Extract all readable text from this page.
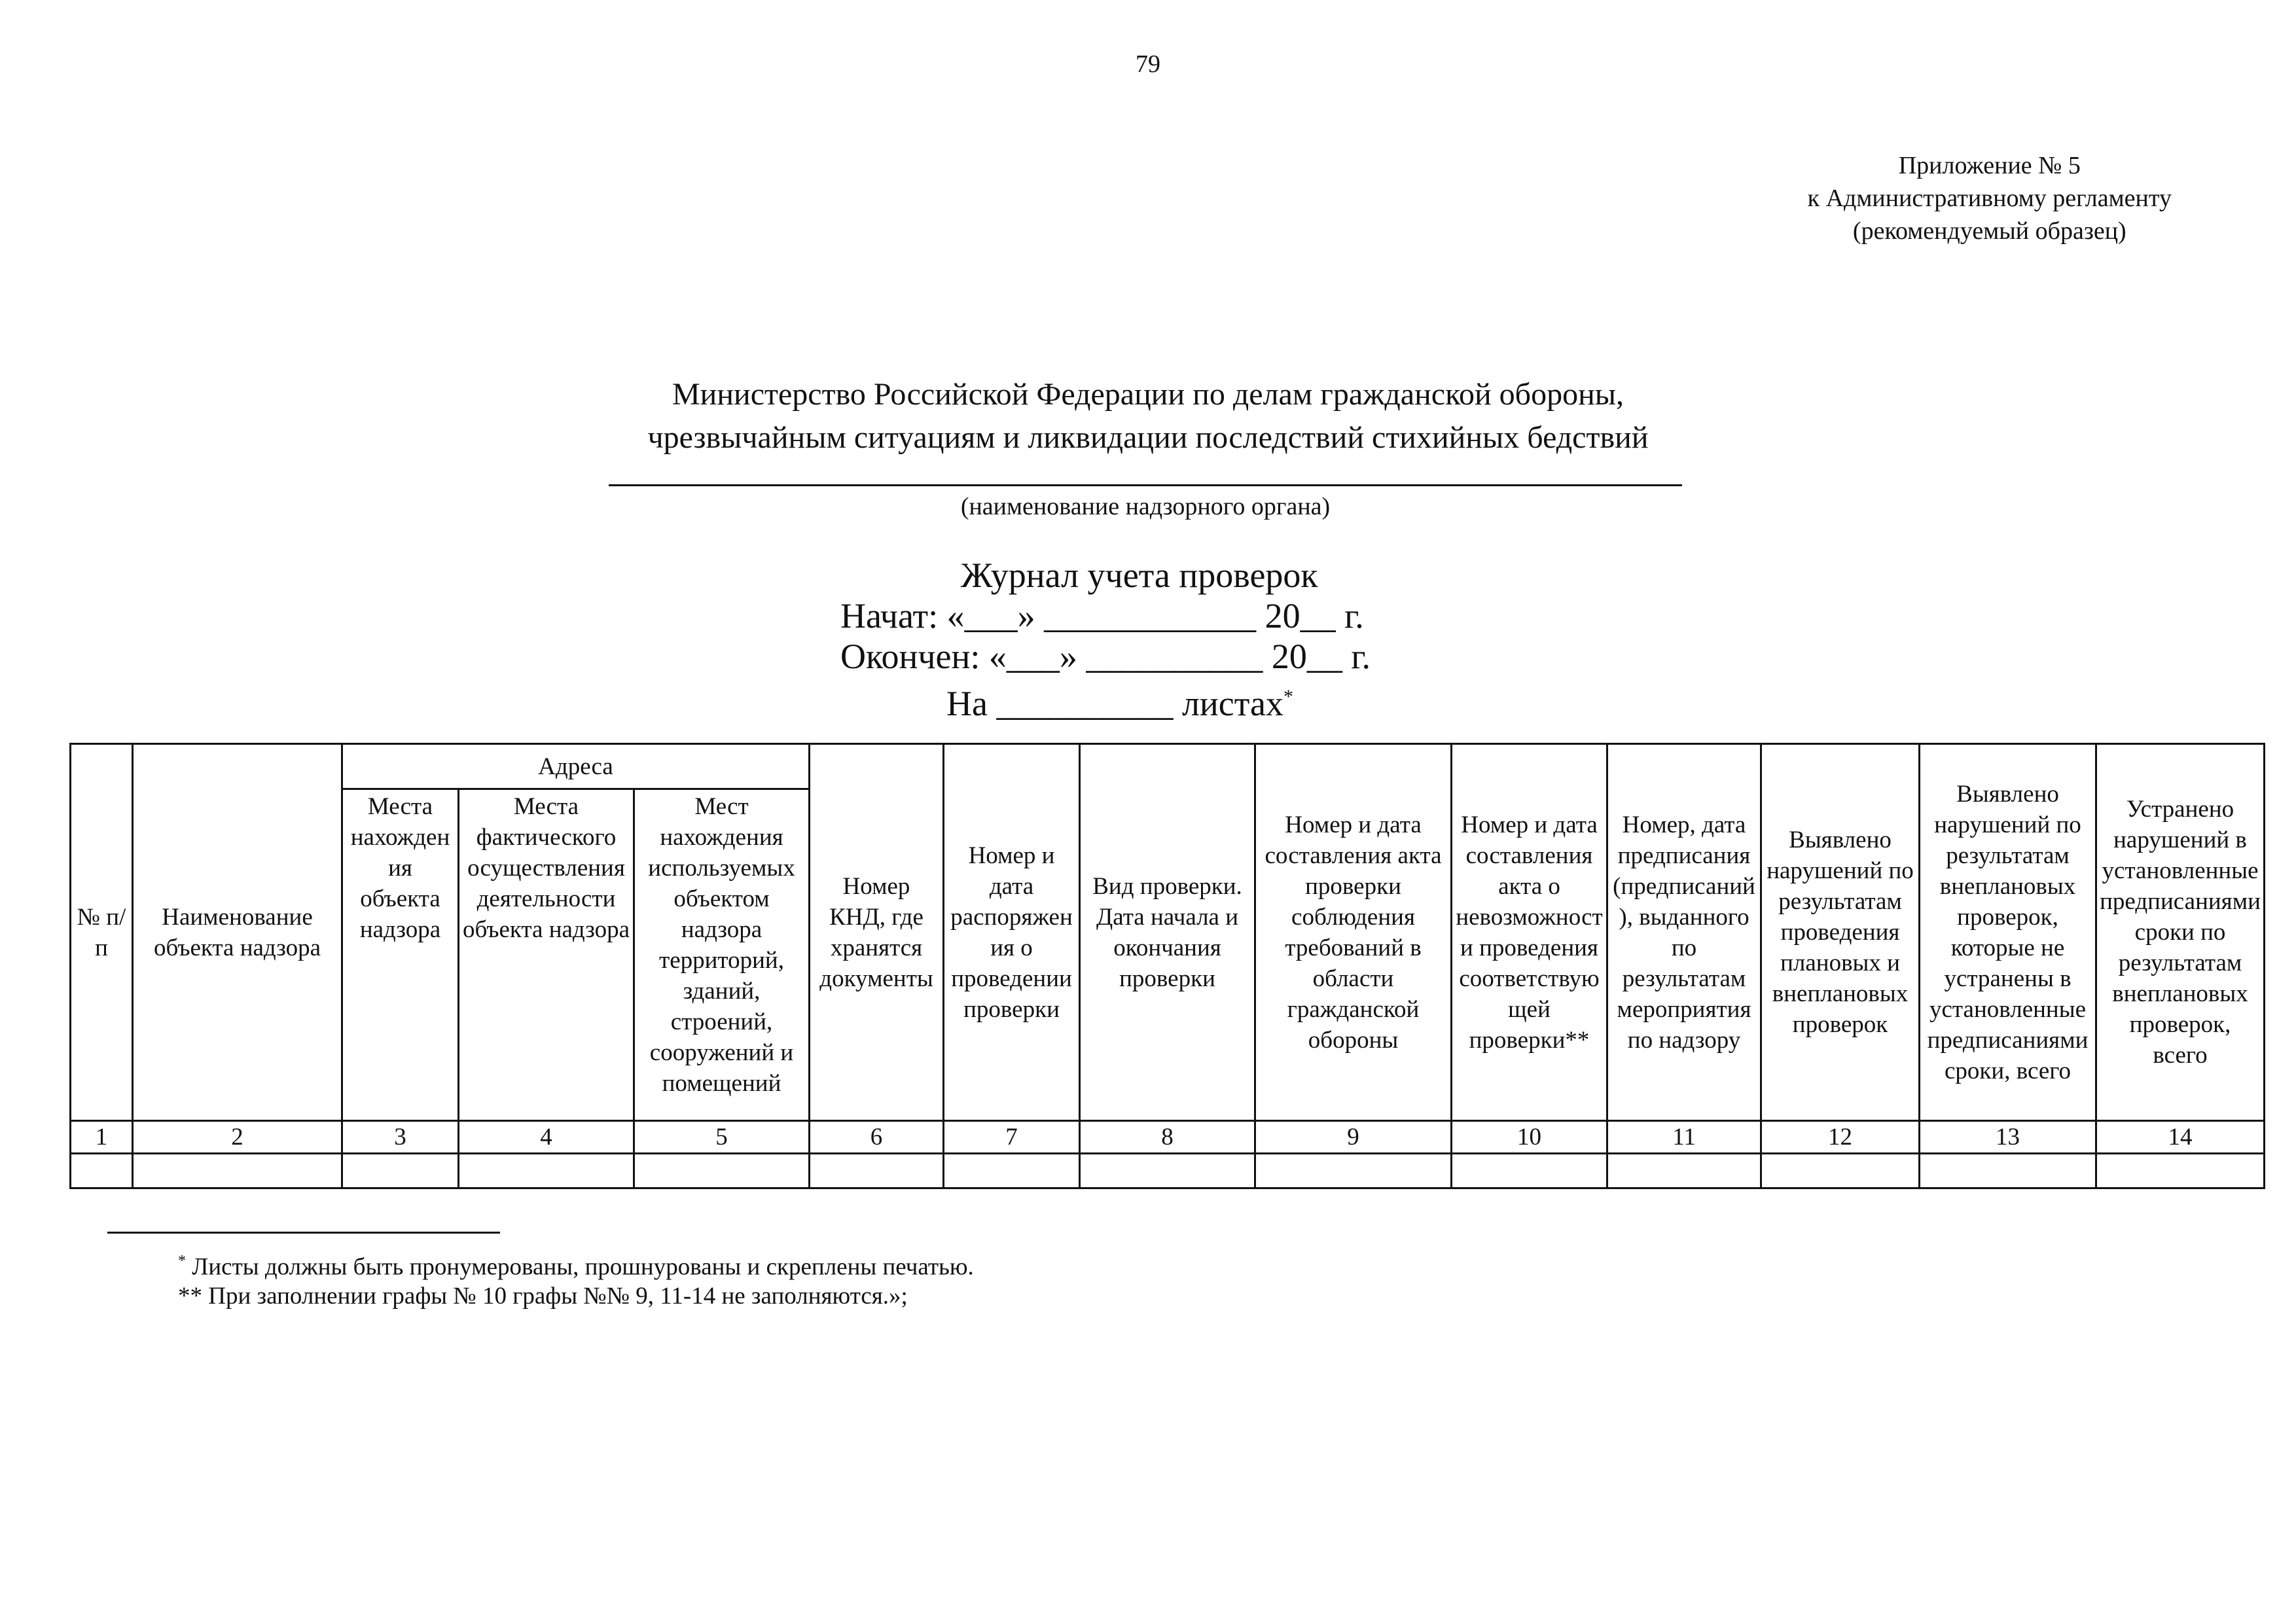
79
Приложение № 5
к Административному регламенту
(рекомендуемый образец)
Министерство Российской Федерации по делам гражданской обороны,
чрезвычайным ситуациям и ликвидации последствий стихийных бедствий
(наименование надзорного органа)
Журнал учета проверок
Начат: «___» ____________ 20__ г.
Окончен: «___» __________ 20__ г.
На __________ листах*
№ п/п	Наименование объекта надзора	Адреса			Номер КНД, где хранятся документы	Номер и дата распоряжения о проведении проверки	Вид проверки. Дата начала и окончания проверки	Номер и дата составления акта проверки соблюдения требований в области гражданской обороны	Номер и дата составления акта о невозможности проведения соответствующей проверки**	Номер, дата предписания (предписаний), выданного по результатам мероприятия по надзору	Выявлено нарушений по результатам проведения плановых и внеплановых проверок	Выявлено нарушений по результатам внеплановых проверок, которые не устранены в установленные предписаниями сроки, всего	Устранено нарушений в установленные предписаниями сроки по результатам внеплановых проверок, всего
		Места нахождения объекта надзора	Места фактического осуществления деятельности объекта надзора	Мест нахождения используемых объектом надзора территорий, зданий, строений, сооружений и помещений									
1	2	3	4	5	6	7	8	9	10	11	12	13	14

* Листы должны быть пронумерованы, прошнурованы и скреплены печатью.
** При заполнении графы № 10 графы №№ 9, 11-14 не заполняются.»;
